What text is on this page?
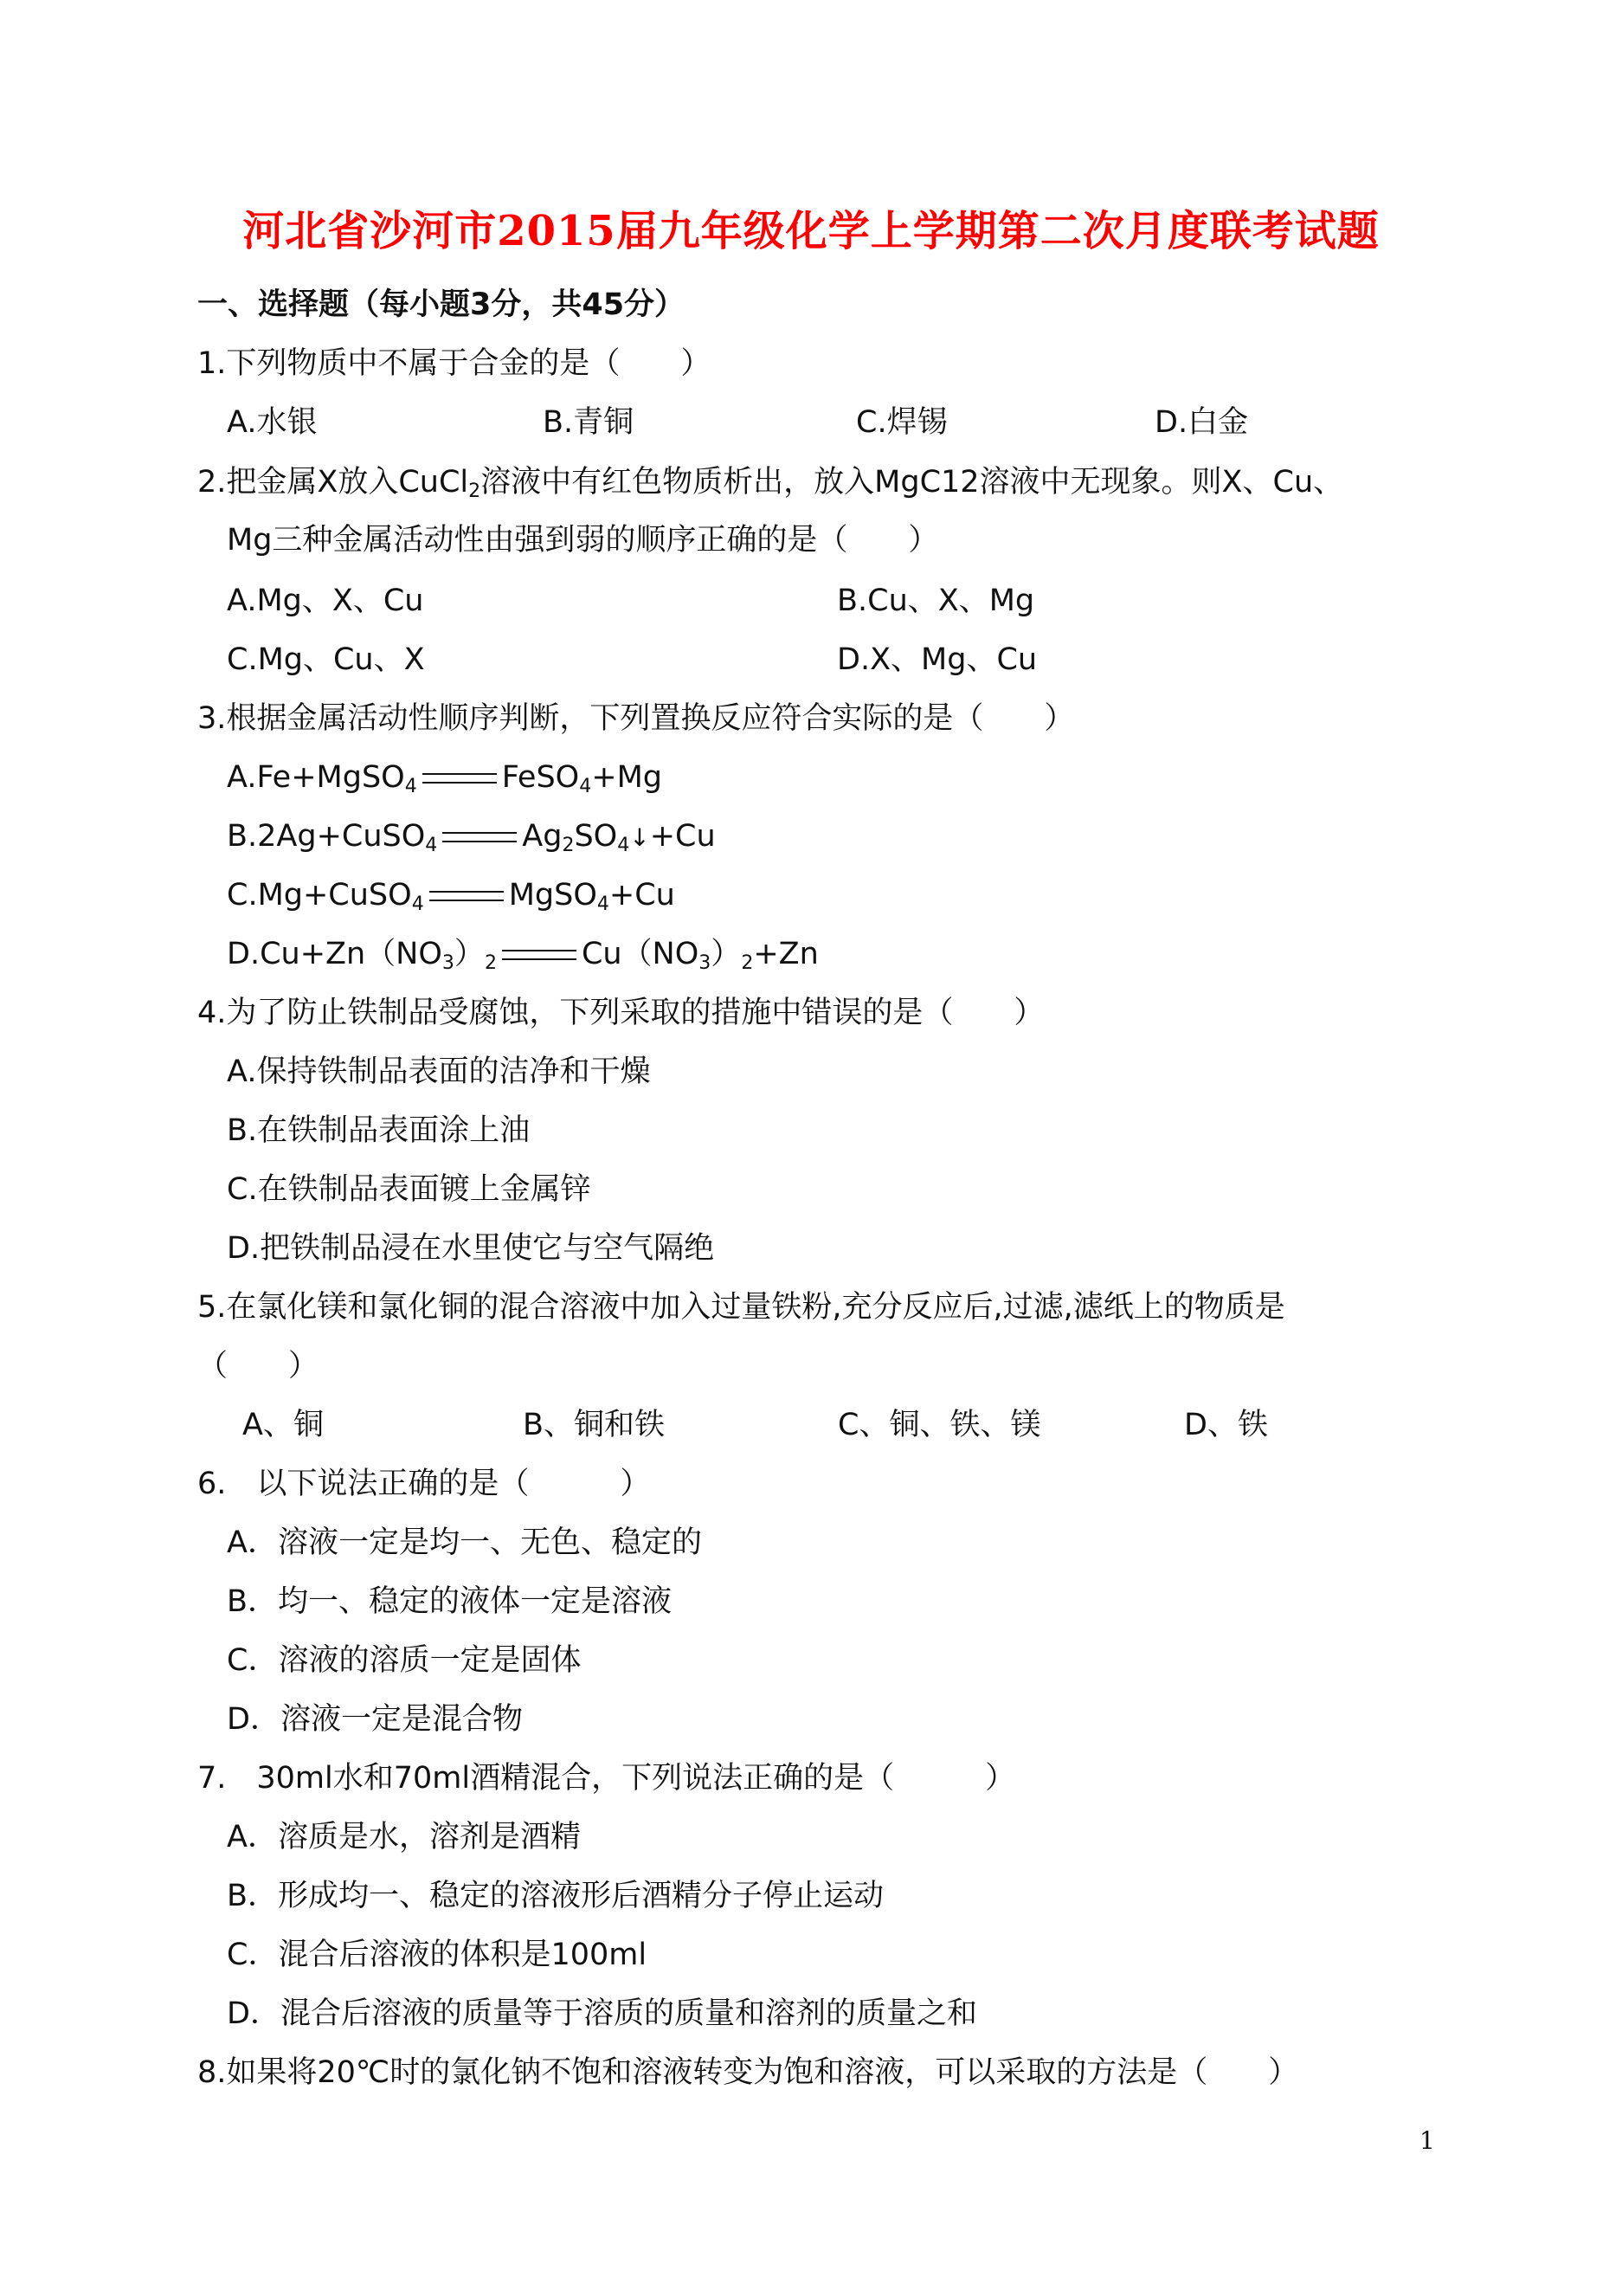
河北省沙河市2015届九年级化学上学期第二次月度联考试题
一、选择题（每小题3分，共45分）
1.下列物质中不属于合金的是（　　）
A.水银	B.青铜	C.焊锡	D.白金
2.把金属X放入CuCl$_2$溶液中有红色物质析出，放入MgC12溶液中无现象。则X、Cu、
Mg三种金属活动性由强到弱的顺序正确的是（　　）
A.Mg、X、Cu	B.Cu、X、Mg
C.Mg、Cu、X	D.X、Mg、Cu
3.根据金属活动性顺序判断，下列置换反应符合实际的是（　　）
A.Fe+MgSO$_4$	FeSO$_4$+Mg
B.2Ag+CuSO$_4$	$Ag_2SO_4↓+Cu$
C.Mg+CuSO$_4$	MgSO$_4$+Cu
$D.Cu+Zn(NO_3)_2$	$Cu(NO_3)_2+Zn$
4.为了防止铁制品受腐蚀，下列采取的措施中错误的是（　　）
A.保持铁制品表面的洁净和干燥
B.在铁制品表面涂上油
C.在铁制品表面镀上金属锌
D.把铁制品浸在水里使它与空气隔绝
5.在氯化镁和氯化铜的混合溶液中加入过量铁粉,充分反应后,过滤,滤纸上的物质是
（　　）
A、铜	B、铜和铁	C、铜、铁、镁	D、铁
6.　以下说法正确的是（　　　）
A．溶液一定是均一、无色、稳定的
B．均一、稳定的液体一定是溶液
C．溶液的溶质一定是固体
D．溶液一定是混合物
7.　30ml水和70ml酒精混合，下列说法正确的是（　　　）
A．溶质是水，溶剂是酒精
B．形成均一、稳定的溶液形后酒精分子停止运动
C．混合后溶液的体积是100ml
D．混合后溶液的质量等于溶质的质量和溶剂的质量之和
8.如果将20℃时的氯化钠不饱和溶液转变为饱和溶液，可以采取的方法是（　　）
1
